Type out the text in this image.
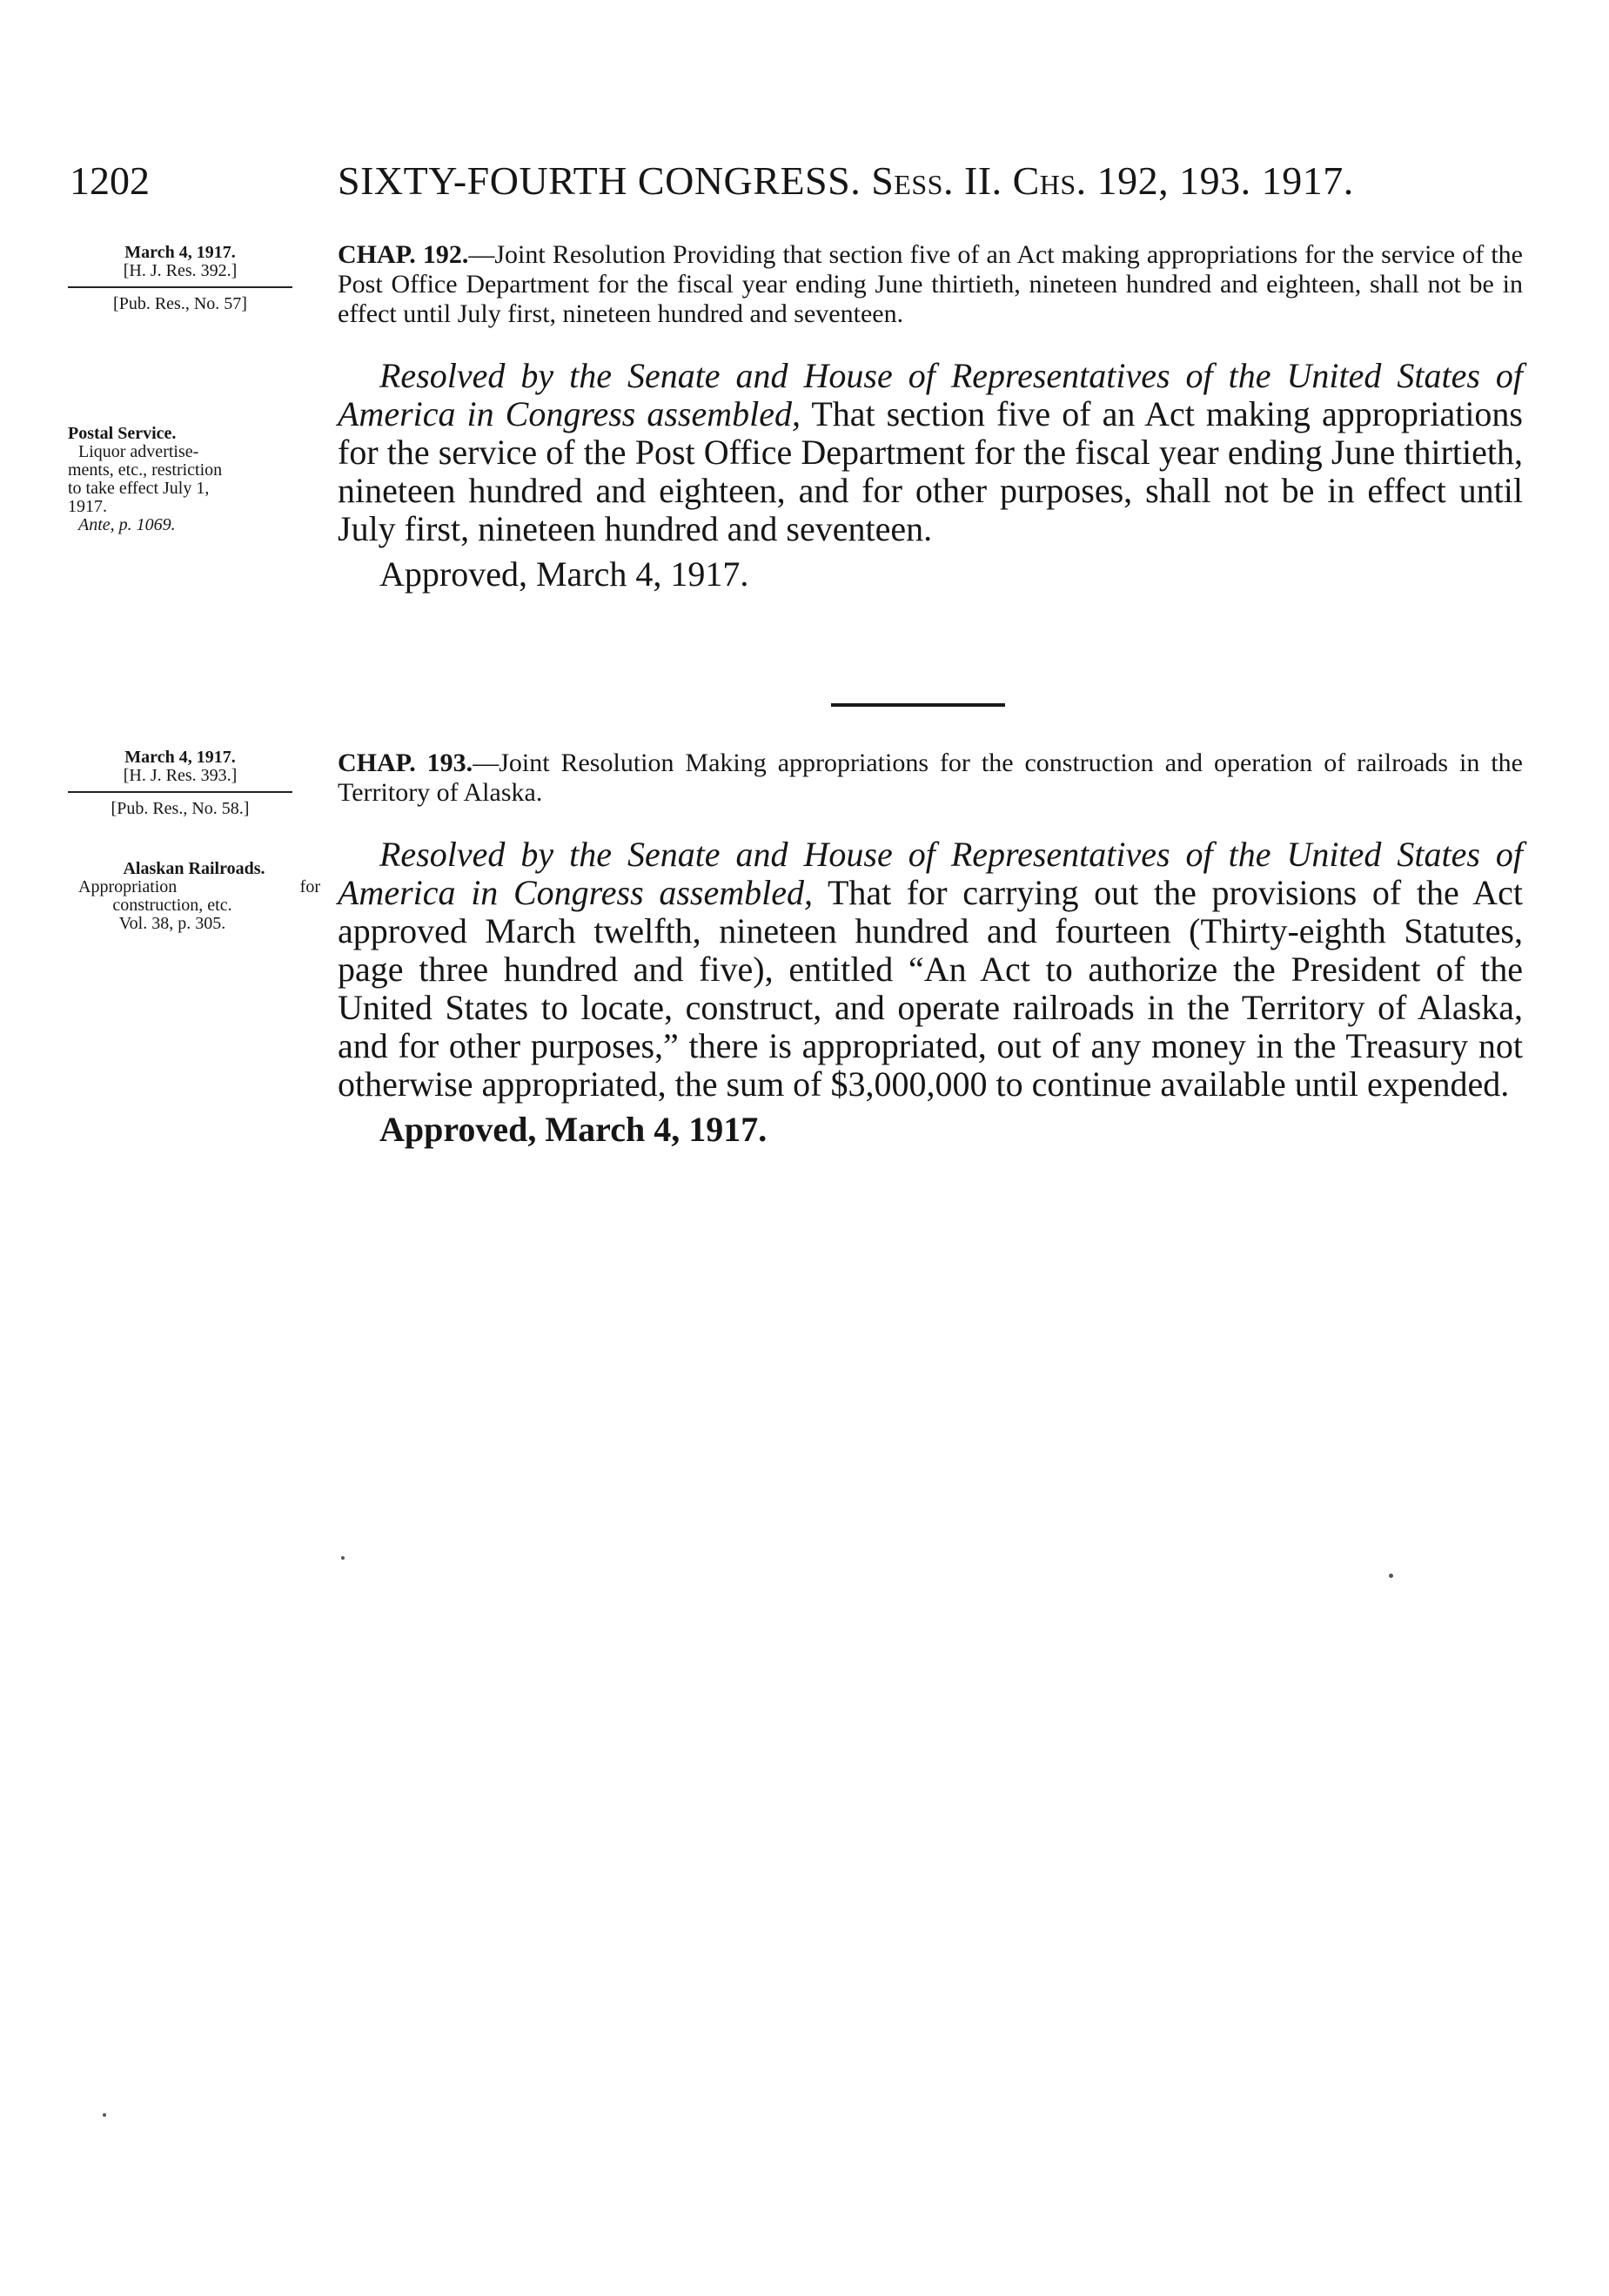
1202	SIXTY-FOURTH CONGRESS. Sess. II. Chs. 192, 193. 1917.
March 4, 1917.
[H. J. Res. 392.]
[Pub. Res., No. 57]
Postal Service.
Liquor advertise-
ments, etc., restriction
to take effect July 1,
1917.
Ante, p. 1069.
CHAP. 192.—Joint Resolution Providing that section five of an Act making appropriations for the service of the Post Office Department for the fiscal year ending June thirtieth, nineteen hundred and eighteen, shall not be in effect until July first, nineteen hundred and seventeen.

Resolved by the Senate and House of Representatives of the United States of America in Congress assembled, That section five of an Act making appropriations for the service of the Post Office Department for the fiscal year ending June thirtieth, nineteen hundred and eighteen, and for other purposes, shall not be in effect until July first, nineteen hundred and seventeen.

Approved, March 4, 1917.
March 4, 1917.
[H. J. Res. 393.]
[Pub. Res., No. 58.]
Alaskan Railroads.
Appropriation for
construction, etc.
Vol. 38, p. 305.
CHAP. 193.—Joint Resolution Making appropriations for the construction and operation of railroads in the Territory of Alaska.

Resolved by the Senate and House of Representatives of the United States of America in Congress assembled, That for carrying out the provisions of the Act approved March twelfth, nineteen hundred and fourteen (Thirty-eighth Statutes, page three hundred and five), entitled “An Act to authorize the President of the United States to locate, construct, and operate railroads in the Territory of Alaska, and for other purposes,” there is appropriated, out of any money in the Treasury not otherwise appropriated, the sum of $3,000,000 to continue available until expended.

Approved, March 4, 1917.
